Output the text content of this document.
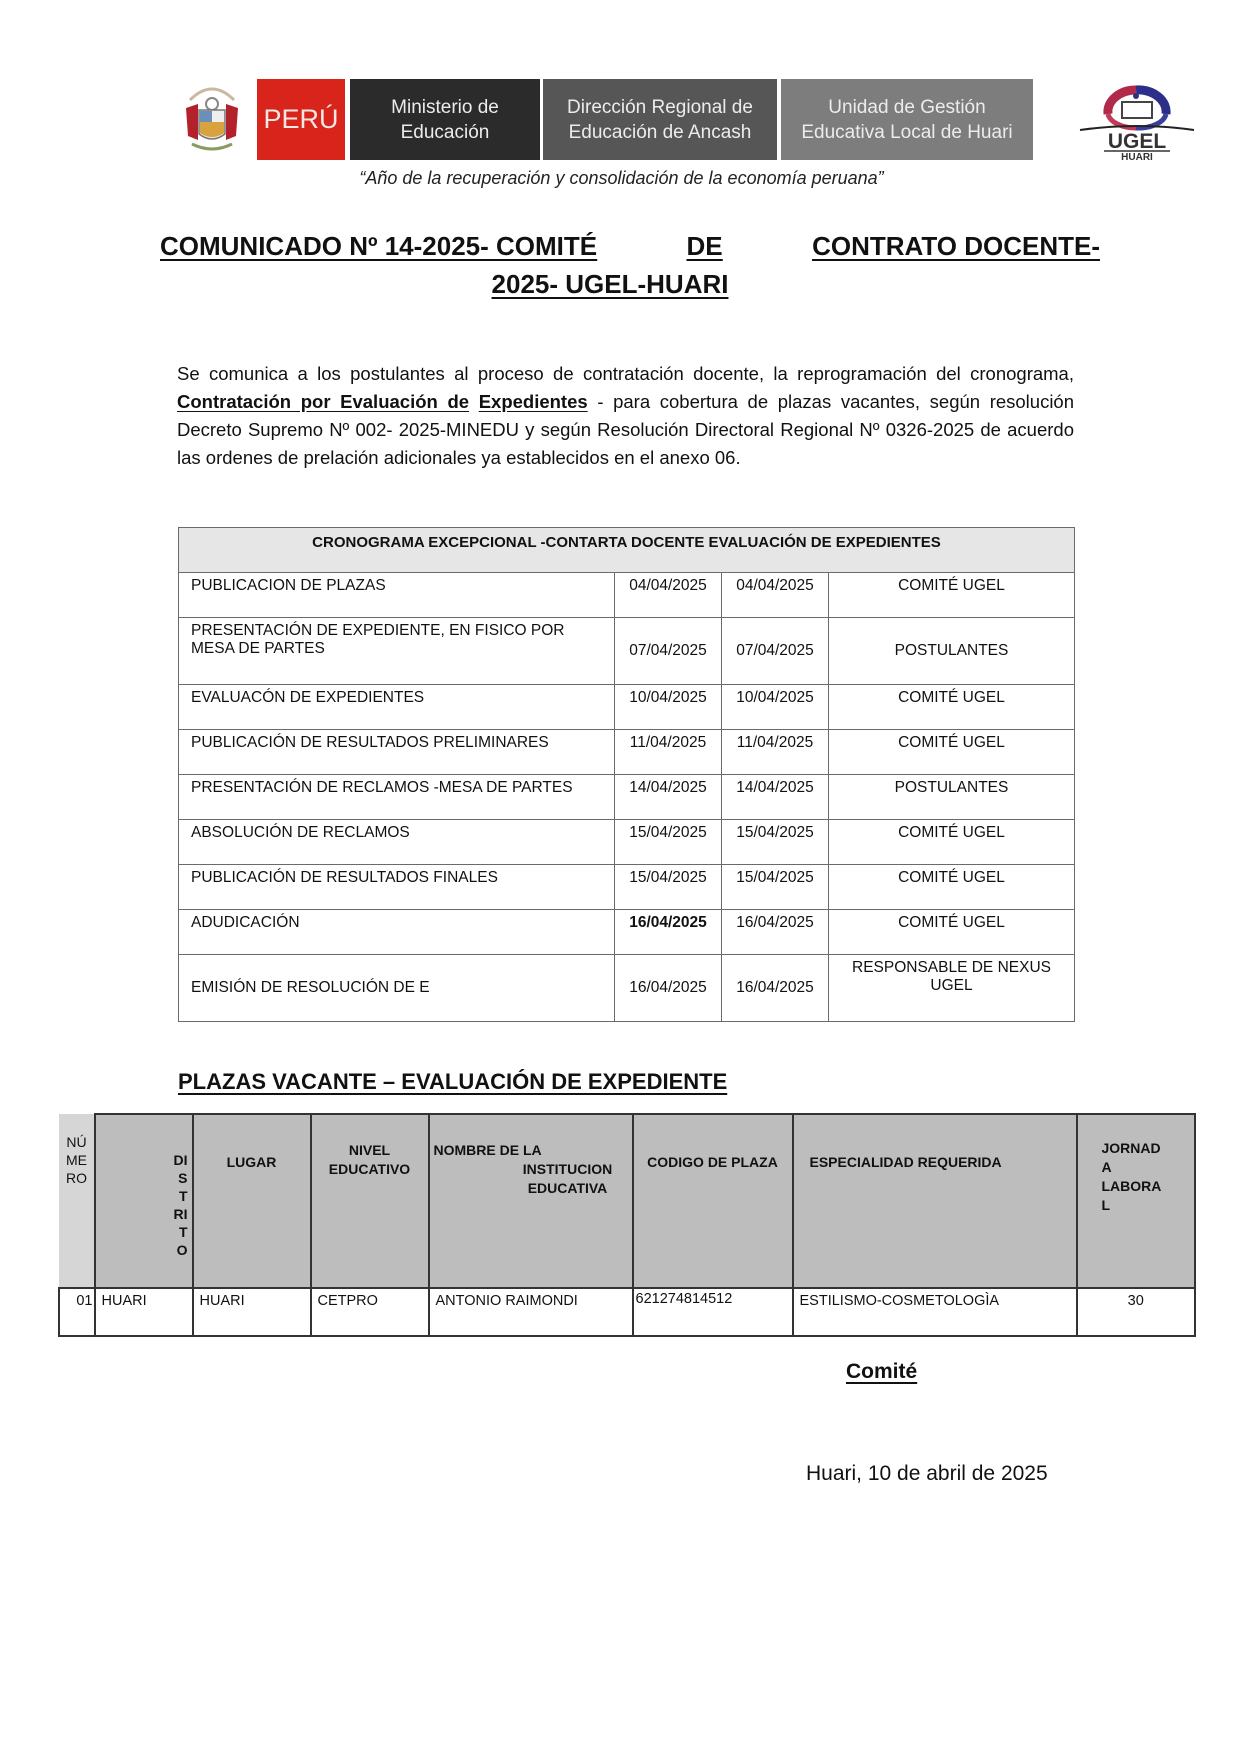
PERÚ	Ministerio de
Educación
Dirección Regional de
Educación de Ancash
Unidad de Gestión
Educativa Local de Huari	UGEL
HUARI
“Año de la recuperación y consolidación de la economía peruana”
COMUNICADO Nº 14-2025- COMITÉ	DE	CONTRATO DOCENTE-
2025- UGEL-HUARI
Se comunica a los postulantes al proceso de contratación docente, la reprogramación del cronograma, Contratación por Evaluación de Expedientes - para cobertura de plazas vacantes, según resolución Decreto Supremo Nº 002- 2025-MINEDU y según Resolución Directoral Regional Nº 0326-2025 de acuerdo las ordenes de prelación adicionales ya establecidos en el anexo 06.
CRONOGRAMA EXCEPCIONAL -CONTARTA DOCENTE EVALUACIÓN DE EXPEDIENTES			
PUBLICACION DE PLAZAS	04/04/2025	04/04/2025	COMITÉ UGEL
PRESENTACIÓN DE EXPEDIENTE, EN FISICO POR MESA DE PARTES	07/04/2025	07/04/2025	POSTULANTES
EVALUACÓN DE EXPEDIENTES	10/04/2025	10/04/2025	COMITÉ UGEL
PUBLICACIÓN DE RESULTADOS PRELIMINARES	11/04/2025	11/04/2025	COMITÉ UGEL
PRESENTACIÓN DE RECLAMOS -MESA DE PARTES	14/04/2025	14/04/2025	POSTULANTES
ABSOLUCIÓN DE RECLAMOS	15/04/2025	15/04/2025	COMITÉ UGEL
PUBLICACIÓN DE RESULTADOS FINALES	15/04/2025	15/04/2025	COMITÉ UGEL
ADUDICACIÓN	16/04/2025	16/04/2025	COMITÉ UGEL
EMISIÓN DE RESOLUCIÓN DE E	16/04/2025	16/04/2025	RESPONSABLE DE NEXUS UGEL
PLAZAS VACANTE – EVALUACIÓN DE EXPEDIENTE
NÚ ME RO	DI S T RI T O	LUGAR	NIVEL EDUCATIVO	NOMBRE DE LA
INSTITUCION EDUCATIVA	CODIGO DE PLAZA	ESPECIALIDAD REQUERIDA	JORNAD A LABORA L
01	HUARI	HUARI	CETPRO	ANTONIO RAIMONDI	621274814512	ESTILISMO-COSMETOLOGÌA	30
Comité
Huari, 10 de abril de 2025
